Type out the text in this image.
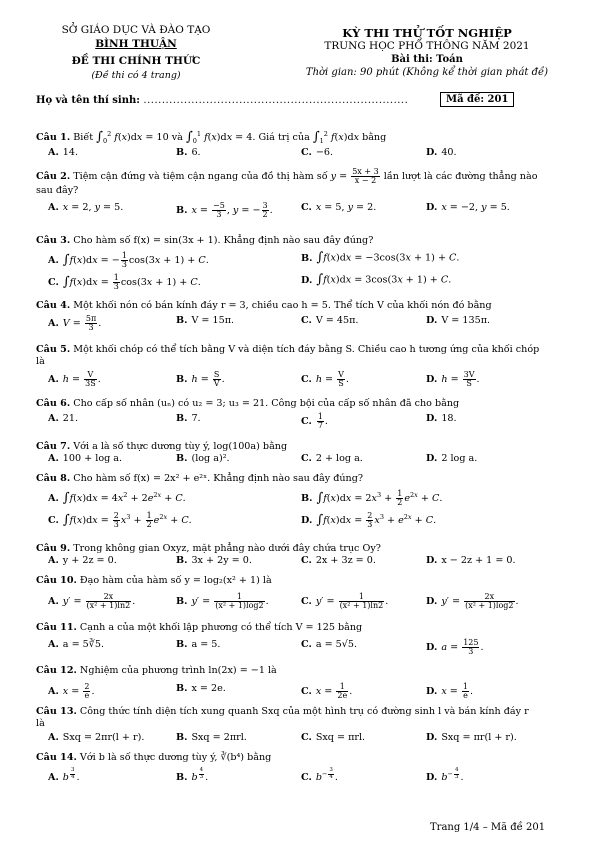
SỞ GIÁO DỤC VÀ ĐÀO TẠO
BÌNH THUẬN
ĐỀ THI CHÍNH THỨC
(Đề thi có 4 trang)
KỲ THI THỬ TỐT NGHIỆP
TRUNG HỌC PHỔ THÔNG NĂM 2021
Bài thi: Toán
Thời gian: 90 phút (Không kể thời gian phát đề)
Họ và tên thí sinh: ........................................................................	Mã đề: 201
Câu 1. Biết $\int_0^2$ f(x)dx = 10 và $\int_0^1$ f(x)dx = 4. Giá trị của $\int_1^2$ f(x)dx bằng
A. 14.	B. 6.	C. −6.	D. 40.
Câu 2. Tiệm cận đứng và tiệm cận ngang của đồ thị hàm số $y = \frac{5x + 3}{x - 2}$ lần lượt là các đường thẳng nào
sau đây?
A. x = 2, y = 5.	B. $x = \frac{-5}{3}$ , y = − $\frac{3}{2}$ .	C. x = 5, y = 2.	D. x = −2, y = 5.
Câu 3. Cho hàm số f(x) = sin(3x + 1). Khẳng định nào sau đây đúng?
A. ∫f(x)dx = − $\frac{1}{3} \cos(3x + 1) + C$.	B. ∫f(x)dx = −3cos(3x + 1) + C.
C. $\int f(x)dx = \frac{1}{3} \cos(3x + 1) + C$.	D. ∫f(x)dx = 3cos(3x + 1) + C.
Câu 4. Một khối nón có bán kính đáy r = 3, chiều cao h = 5. Thể tích V của khối nón đó bằng
A. $V = \frac{5\pi}{3}$ .	B. V = 15π.	C. V = 45π.	D. V = 135π.
Câu 5. Một khối chóp có thể tích bằng V và diện tích đáy bằng S. Chiều cao h tương ứng của khối chóp
là
A. $h = \frac{V}{3S}$ .	B. $h = \frac{S}{V}$ .	C. $h = \frac{V}{S}$ .	D. $h = \frac{3V}{S}$ .
Câu 6. Cho cấp số nhân (uₙ) có u₂ = 3; u₃ = 21. Công bội của cấp số nhân đã cho bằng
A. 21.	B. 7.	C. $\frac{1}{7}$ .	D. 18.
Câu 7. Với a là số thực dương tùy ý, log(100a) bằng
A. 100 + log a.	B. (log a)².	C. 2 + log a.	D. 2 log a.
Câu 8. Cho hàm số f(x) = 2x² + e²ˣ. Khẳng định nào sau đây đúng?
A. $\int f(x)dx = 4x^2 + 2e^{2x} + C$.	B. $\int f(x)dx = 2x^3 + \frac{1}{2} e^{2x} + C$.
C. $\int f(x)dx = \frac{2}{3} x^3 + \frac{1}{2} e^{2x} + C$.	D. $\int f(x)dx = \frac{2}{3} x^3 + e^{2x} + C$.
Câu 9. Trong không gian Oxyz, mặt phẳng nào dưới đây chứa trục Oy?
A. y + 2z = 0.	B. 3x + 2y = 0.	C. 2x + 3z = 0.	D. x − 2z + 1 = 0.
Câu 10. Đạo hàm của hàm số y = log₂(x² + 1) là
A. $y' = \frac{2x}{\text{(x² + 1)ln2}}$ .	B. $y' = \frac{1}{\text{(x² + 1)log2}}$ .	C. $y' = \frac{1}{\text{(x² + 1)ln2}}$ .	D. $y' = \frac{2x}{\text{(x² + 1)log2}}$ .
Câu 11. Cạnh a của một khối lập phương có thể tích V = 125 bằng
A. a = 5∛5.	B. a = 5.	C. a = 5√5.	D. $a = \frac{125}{3}$ .
Câu 12. Nghiệm của phương trình ln(2x) = −1 là
A. $x = \frac{2}{e}$ .	B. x = 2e.	C. $x = \frac{1}{2e}$ .	D. $x = \frac{1}{e}$ .
Câu 13. Công thức tính diện tích xung quanh Sxq của một hình trụ có đường sinh l và bán kính đáy r
là
A. Sxq = 2πr(l + r).	B. Sxq = 2πrl.	C. Sxq = πrl.	D. Sxq = πr(l + r).
Câu 14. Với b là số thực dương tùy ý, ∛(b⁴) bằng
A. b $^{\frac{3}{4}}$ .	B. b $^{\frac{4}{3}}$ .	C. $b^{- \frac{3}{4}}$ .	D. $b^{- \frac{4}{3}}$ .
Trang 1/4 – Mã đề 201
